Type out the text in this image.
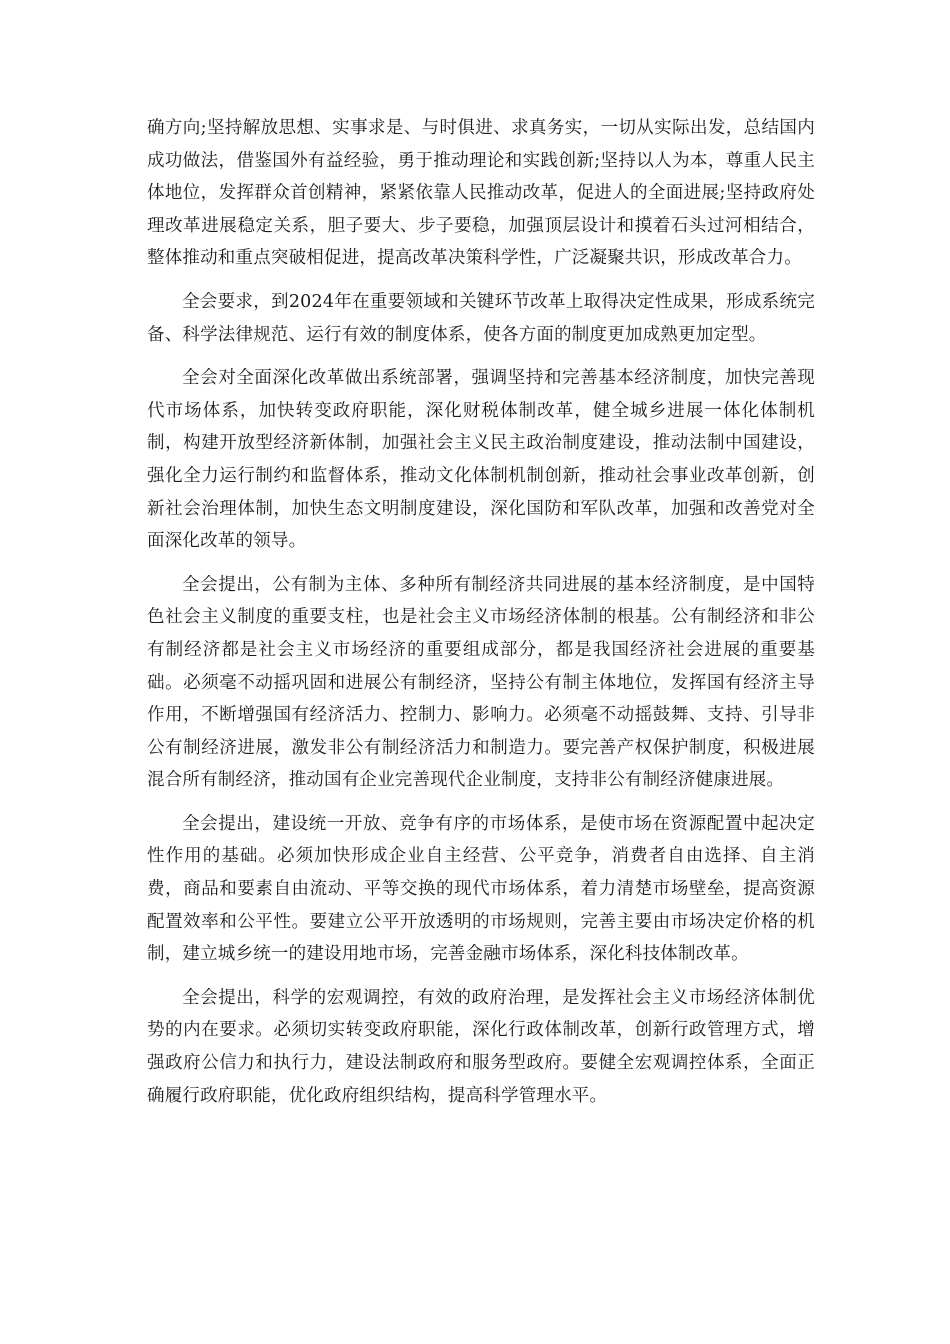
确方向;坚持解放思想、实事求是、与时俱进、求真务实，一切从实际出发，总结国内成功做法，借鉴国外有益经验，勇于推动理论和实践创新;坚持以人为本，尊重人民主体地位，发挥群众首创精神，紧紧依靠人民推动改革，促进人的全面进展;坚持政府处理改革进展稳定关系，胆子要大、步子要稳，加强顶层设计和摸着石头过河相结合，整体推动和重点突破相促进，提高改革决策科学性，广泛凝聚共识，形成改革合力。

全会要求，到2024年在重要领域和关键环节改革上取得决定性成果，形成系统完备、科学法律规范、运行有效的制度体系，使各方面的制度更加成熟更加定型。

全会对全面深化改革做出系统部署，强调坚持和完善基本经济制度，加快完善现代市场体系，加快转变政府职能，深化财税体制改革，健全城乡进展一体化体制机制，构建开放型经济新体制，加强社会主义民主政治制度建设，推动法制中国建设，强化全力运行制约和监督体系，推动文化体制机制创新，推动社会事业改革创新，创新社会治理体制，加快生态文明制度建设，深化国防和军队改革，加强和改善党对全面深化改革的领导。

全会提出，公有制为主体、多种所有制经济共同进展的基本经济制度，是中国特色社会主义制度的重要支柱，也是社会主义市场经济体制的根基。公有制经济和非公有制经济都是社会主义市场经济的重要组成部分，都是我国经济社会进展的重要基础。必须毫不动摇巩固和进展公有制经济，坚持公有制主体地位，发挥国有经济主导作用，不断增强国有经济活力、控制力、影响力。必须毫不动摇鼓舞、支持、引导非公有制经济进展，激发非公有制经济活力和制造力。要完善产权保护制度，积极进展混合所有制经济，推动国有企业完善现代企业制度，支持非公有制经济健康进展。

全会提出，建设统一开放、竞争有序的市场体系，是使市场在资源配置中起决定性作用的基础。必须加快形成企业自主经营、公平竞争，消费者自由选择、自主消费，商品和要素自由流动、平等交换的现代市场体系，着力清楚市场壁垒，提高资源配置效率和公平性。要建立公平开放透明的市场规则，完善主要由市场决定价格的机制，建立城乡统一的建设用地市场，完善金融市场体系，深化科技体制改革。

全会提出，科学的宏观调控，有效的政府治理，是发挥社会主义市场经济体制优势的内在要求。必须切实转变政府职能，深化行政体制改革，创新行政管理方式，增强政府公信力和执行力，建设法制政府和服务型政府。要健全宏观调控体系，全面正确履行政府职能，优化政府组织结构，提高科学管理水平。
